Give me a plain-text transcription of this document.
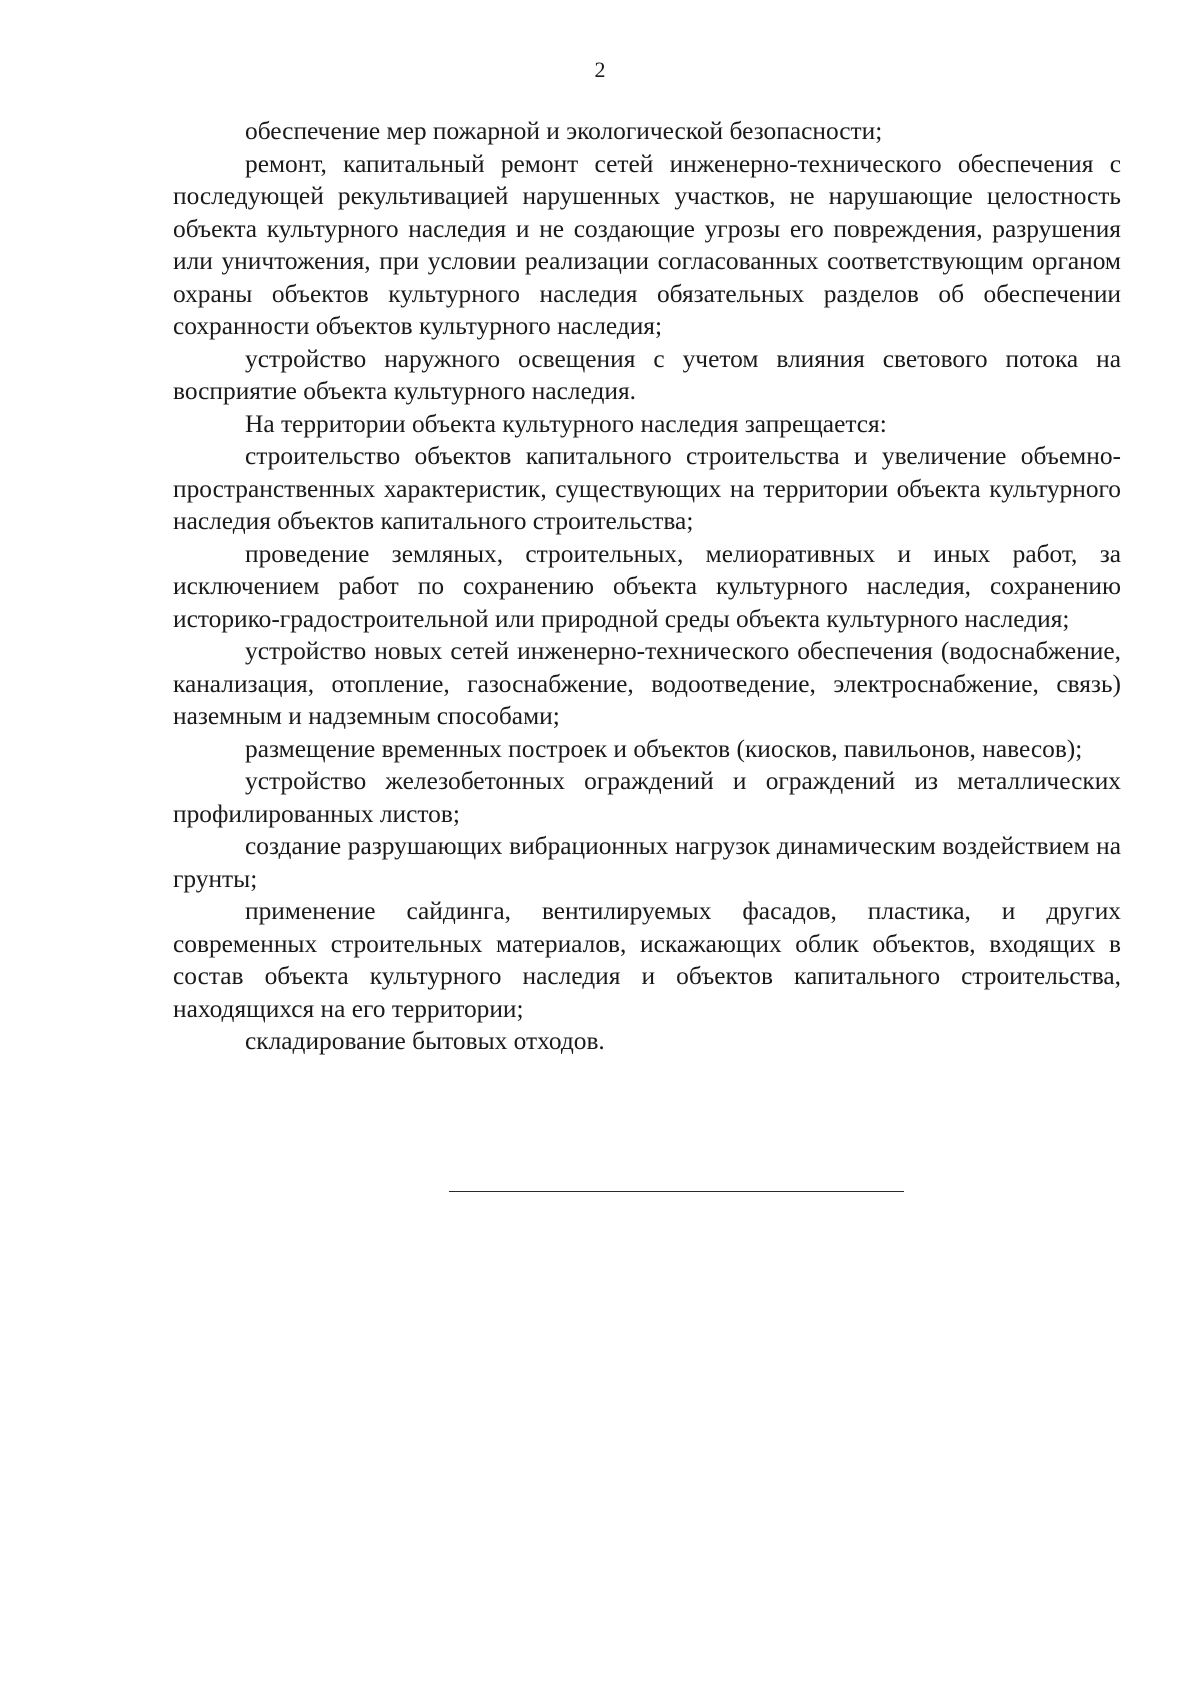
2

обеспечение мер пожарной и экологической безопасности;

ремонт, капитальный ремонт сетей инженерно-технического обеспечения с последующей рекультивацией нарушенных участков, не нарушающие целостность объекта культурного наследия и не создающие угрозы его повреждения, разрушения или уничтожения, при условии реализации согласованных соответствующим органом охраны объектов культурного наследия обязательных разделов об обеспечении сохранности объектов культурного наследия;

устройство наружного освещения с учетом влияния светового потока на восприятие объекта культурного наследия.

На территории объекта культурного наследия запрещается:

строительство объектов капитального строительства и увеличение объемно-пространственных характеристик, существующих на территории объекта культурного наследия объектов капитального строительства;

проведение земляных, строительных, мелиоративных и иных работ, за исключением работ по сохранению объекта культурного наследия, сохранению историко-градостроительной или природной среды объекта культурного наследия;

устройство новых сетей инженерно-технического обеспечения (водоснабжение, канализация, отопление, газоснабжение, водоотведение, электроснабжение, связь) наземным и надземным способами;

размещение временных построек и объектов (киосков, павильонов, навесов);

устройство железобетонных ограждений и ограждений из металлических профилированных листов;

создание разрушающих вибрационных нагрузок динамическим воздействием на грунты;

применение сайдинга, вентилируемых фасадов, пластика, и других современных строительных материалов, искажающих облик объектов, входящих в состав объекта культурного наследия и объектов капитального строительства, находящихся на его территории;

складирование бытовых отходов.
